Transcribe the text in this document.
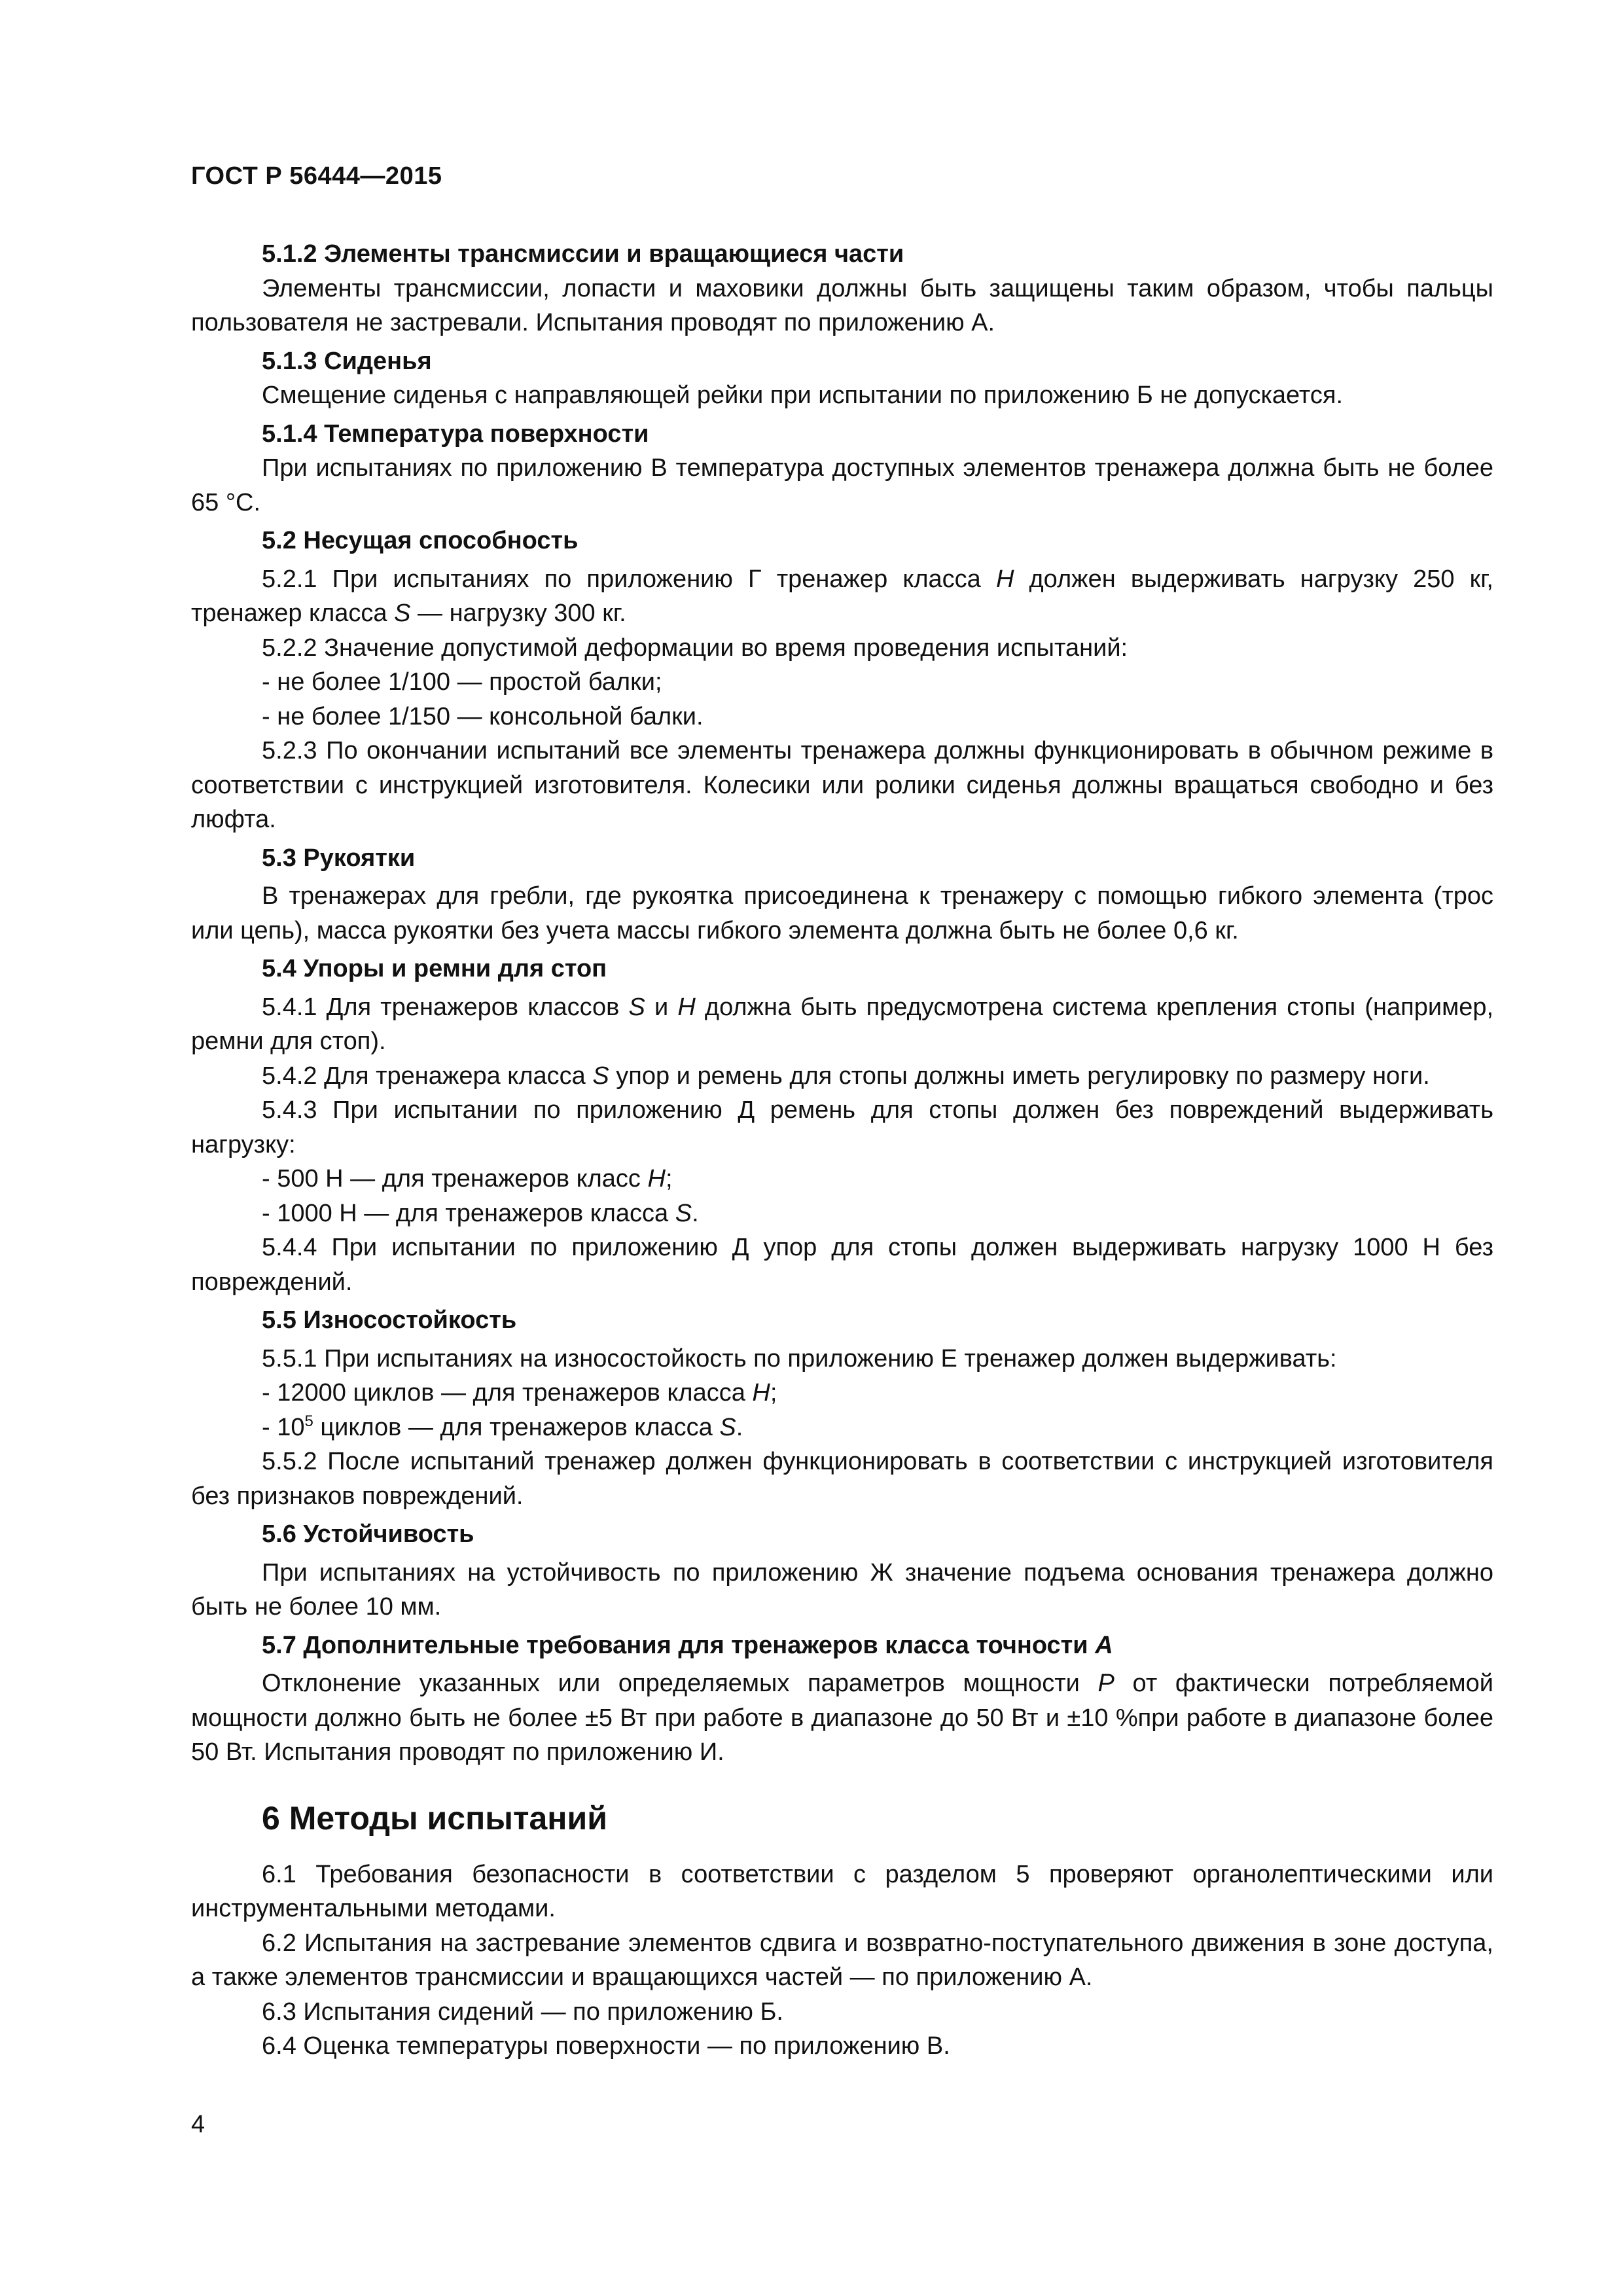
ГОСТ Р 56444—2015

5.1.2 Элементы трансмиссии и вращающиеся части

Элементы трансмиссии, лопасти и маховики должны быть защищены таким образом, чтобы пальцы пользователя не застревали. Испытания проводят по приложению А.

5.1.3 Сиденья

Смещение сиденья с направляющей рейки при испытании по приложению Б не допускается.

5.1.4 Температура поверхности

При испытаниях по приложению В температура доступных элементов тренажера должна быть не более 65 °С.

5.2 Несущая способность

5.2.1 При испытаниях по приложению Г тренажер класса H должен выдерживать нагрузку 250 кг, тренажер класса S — нагрузку 300 кг.

5.2.2 Значение допустимой деформации во время проведения испытаний:

- не более 1/100 — простой балки;

- не более 1/150 — консольной балки.

5.2.3 По окончании испытаний все элементы тренажера должны функционировать в обычном режиме в соответствии с инструкцией изготовителя. Колесики или ролики сиденья должны вращаться свободно и без люфта.

5.3 Рукоятки

В тренажерах для гребли, где рукоятка присоединена к тренажеру с помощью гибкого элемента (трос или цепь), масса рукоятки без учета массы гибкого элемента должна быть не более 0,6 кг.

5.4 Упоры и ремни для стоп

5.4.1 Для тренажеров классов S и H должна быть предусмотрена система крепления стопы (например, ремни для стоп).

5.4.2 Для тренажера класса S упор и ремень для стопы должны иметь регулировку по размеру ноги.

5.4.3 При испытании по приложению Д ремень для стопы должен без повреждений выдерживать нагрузку:

- 500 Н — для тренажеров класс H;

- 1000 Н — для тренажеров класса S.

5.4.4 При испытании по приложению Д упор для стопы должен выдерживать нагрузку 1000 Н без повреждений.

5.5 Износостойкость

5.5.1 При испытаниях на износостойкость по приложению Е тренажер должен выдерживать:

- 12000 циклов — для тренажеров класса H;

- $10^5$ циклов — для тренажеров класса S.

5.5.2 После испытаний тренажер должен функционировать в соответствии с инструкцией изготовителя без признаков повреждений.

5.6 Устойчивость

При испытаниях на устойчивость по приложению Ж значение подъема основания тренажера должно быть не более 10 мм.

5.7 Дополнительные требования для тренажеров класса точности А

Отклонение указанных или определяемых параметров мощности Р от фактически потребляемой мощности должно быть не более ±5 Вт при работе в диапазоне до 50 Вт и ±10 %при работе в диапазоне более 50 Вт. Испытания проводят по приложению И.

6 Методы испытаний

6.1 Требования безопасности в соответствии с разделом 5 проверяют органолептическими или инструментальными методами.

6.2 Испытания на застревание элементов сдвига и возвратно-поступательного движения в зоне доступа, а также элементов трансмиссии и вращающихся частей — по приложению А.

6.3 Испытания сидений — по приложению Б.

6.4 Оценка температуры поверхности — по приложению В.

4
